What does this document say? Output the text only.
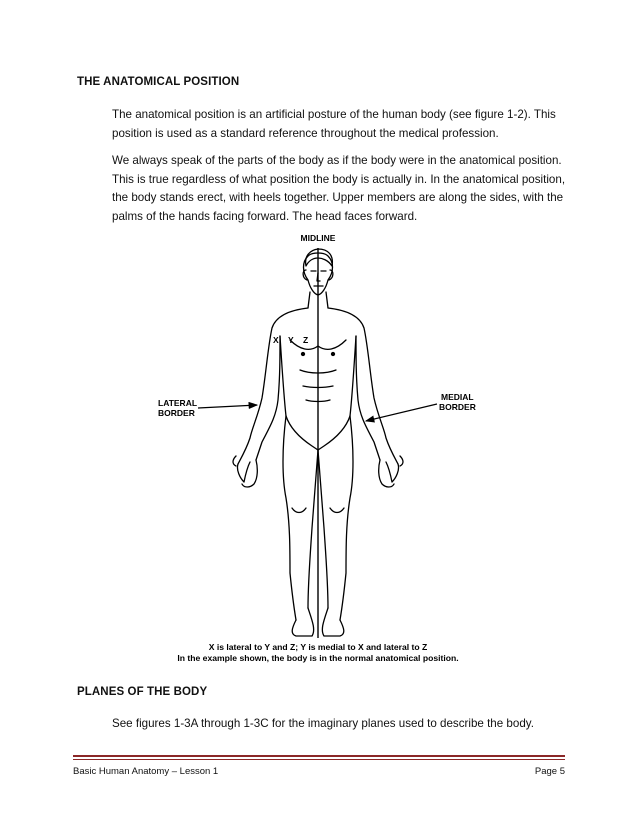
THE ANATOMICAL POSITION

The anatomical position is an artificial posture of the human body (see figure 1-2). This position is used as a standard reference throughout the medical profession.

We always speak of the parts of the body as if the body were in the anatomical position. This is true regardless of what position the body is actually in. In the anatomical position, the body stands erect, with heels together. Upper members are along the sides, with the palms of the hands facing forward. The head faces forward.

MIDLINE
X Y Z
LATERAL
BORDER
MEDIAL
BORDER
X is lateral to Y and Z; Y is medial to X and lateral to Z
In the example shown, the body is in the normal anatomical position.
PLANES OF THE BODY

See figures 1-3A through 1-3C for the imaginary planes used to describe the body.

Basic Human Anatomy – Lesson 1	Page 5
